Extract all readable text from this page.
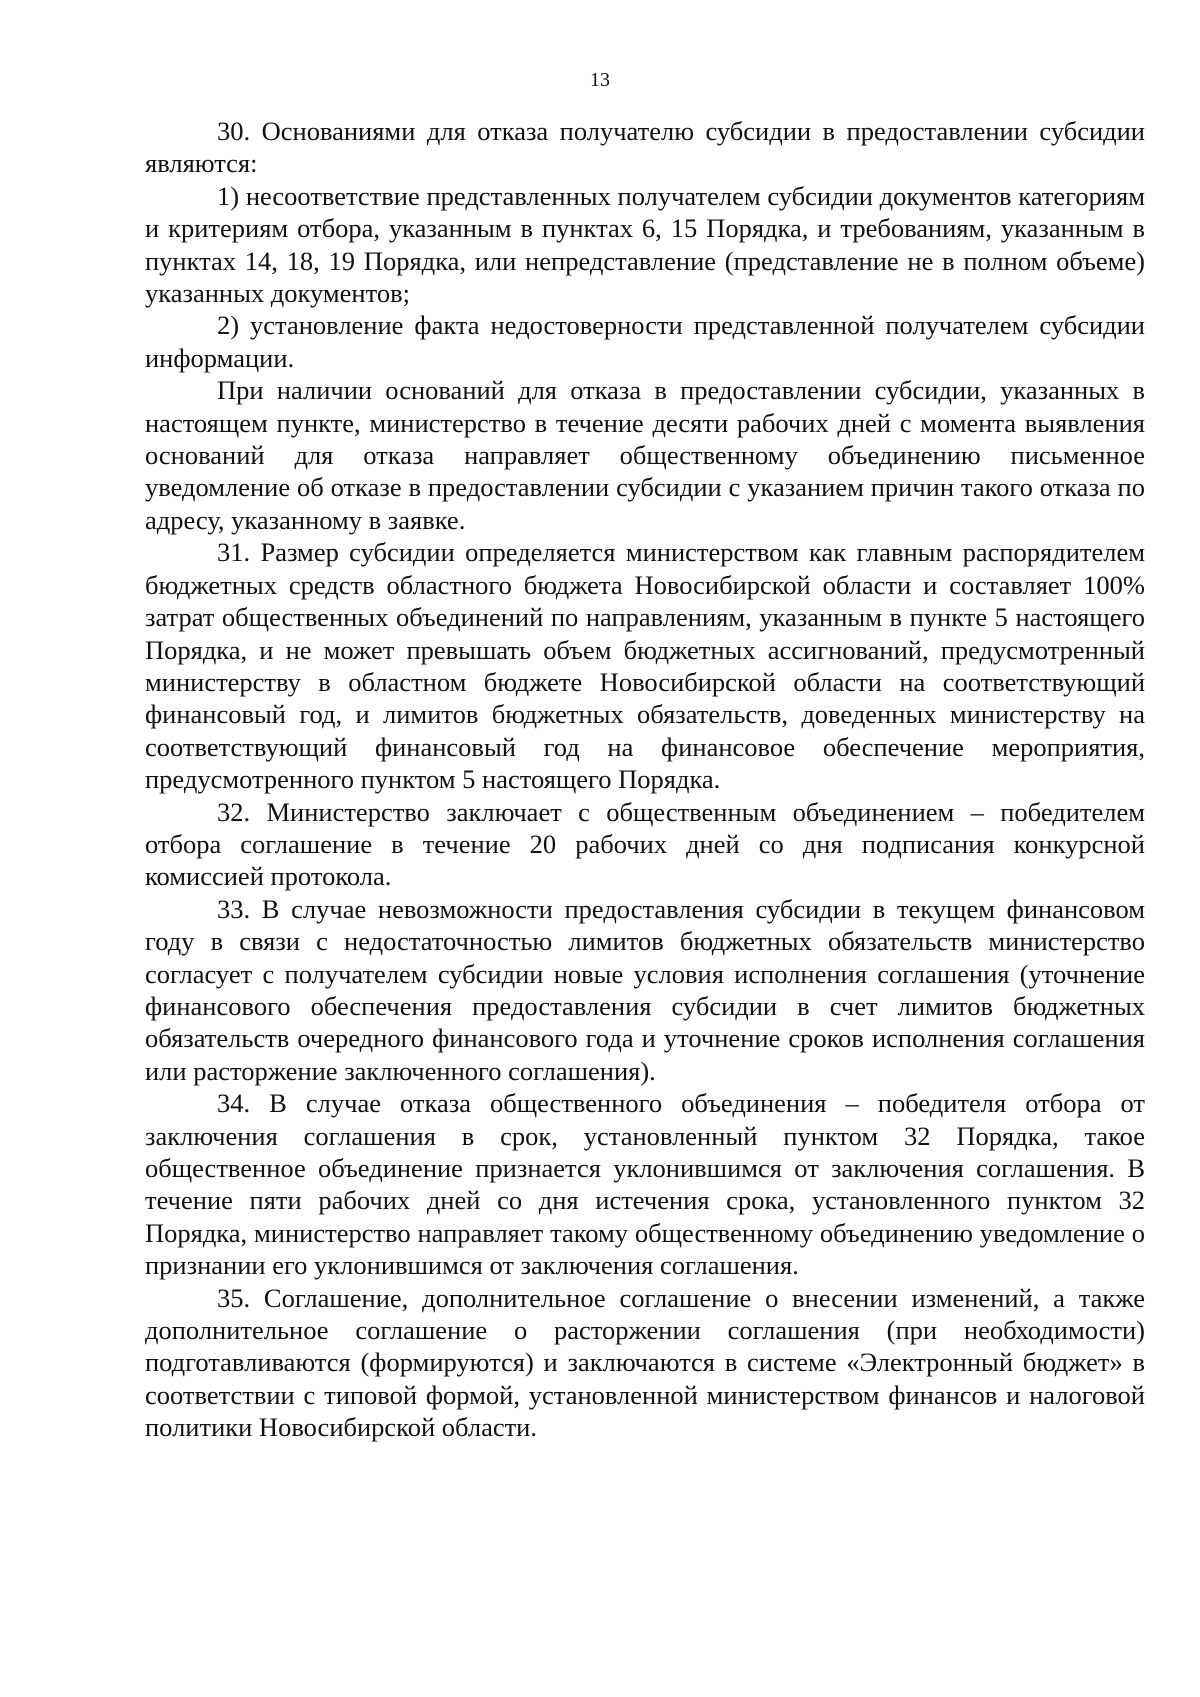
13

30. Основаниями для отказа получателю субсидии в предоставлении субсидии являются:

1) несоответствие представленных получателем субсидии документов категориям и критериям отбора, указанным в пунктах 6, 15 Порядка, и требованиям, указанным в пунктах 14, 18, 19 Порядка, или непредставление (представление не в полном объеме) указанных документов;

2) установление факта недостоверности представленной получателем субсидии информации.

При наличии оснований для отказа в предоставлении субсидии, указанных в настоящем пункте, министерство в течение десяти рабочих дней с момента выявления оснований для отказа направляет общественному объединению письменное уведомление об отказе в предоставлении субсидии с указанием причин такого отказа по адресу, указанному в заявке.

31. Размер субсидии определяется министерством как главным распорядителем бюджетных средств областного бюджета Новосибирской области и составляет 100% затрат общественных объединений по направлениям, указанным в пункте 5 настоящего Порядка, и не может превышать объем бюджетных ассигнований, предусмотренный министерству в областном бюджете Новосибирской области на соответствующий финансовый год, и лимитов бюджетных обязательств, доведенных министерству на соответствующий финансовый год на финансовое обеспечение мероприятия, предусмотренного пунктом 5 настоящего Порядка.

32. Министерство заключает с общественным объединением – победителем отбора соглашение в течение 20 рабочих дней со дня подписания конкурсной комиссией протокола.

33. В случае невозможности предоставления субсидии в текущем финансовом году в связи с недостаточностью лимитов бюджетных обязательств министерство согласует с получателем субсидии новые условия исполнения соглашения (уточнение финансового обеспечения предоставления субсидии в счет лимитов бюджетных обязательств очередного финансового года и уточнение сроков исполнения соглашения или расторжение заключенного соглашения).

34. В случае отказа общественного объединения – победителя отбора от заключения соглашения в срок, установленный пунктом 32 Порядка, такое общественное объединение признается уклонившимся от заключения соглашения. В течение пяти рабочих дней со дня истечения срока, установленного пунктом 32 Порядка, министерство направляет такому общественному объединению уведомление о признании его уклонившимся от заключения соглашения.

35. Соглашение, дополнительное соглашение о внесении изменений, а также дополнительное соглашение о расторжении соглашения (при необходимости) подготавливаются (формируются) и заключаются в системе «Электронный бюджет» в соответствии с типовой формой, установленной министерством финансов и налоговой политики Новосибирской области.
